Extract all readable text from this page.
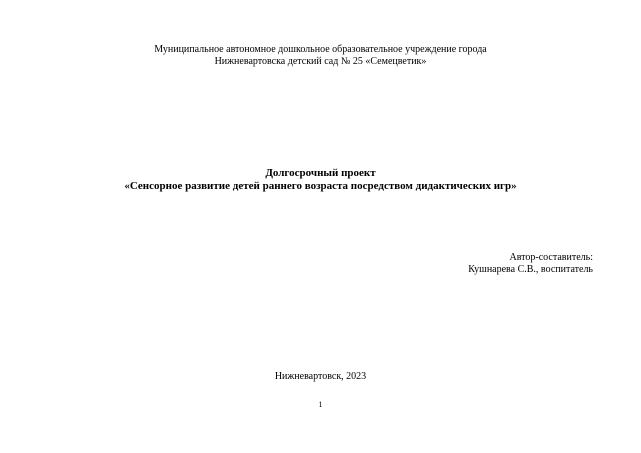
Муниципальное автономное дошкольное образовательное учреждение города
Нижневартовска детский сад № 25 «Семецветик»
Долгосрочный проект
«Сенсорное развитие детей раннего возраста посредством дидактических игр»
Автор-составитель:
Кушнарева С.В., воспитатель
Нижневартовск, 2023
1
